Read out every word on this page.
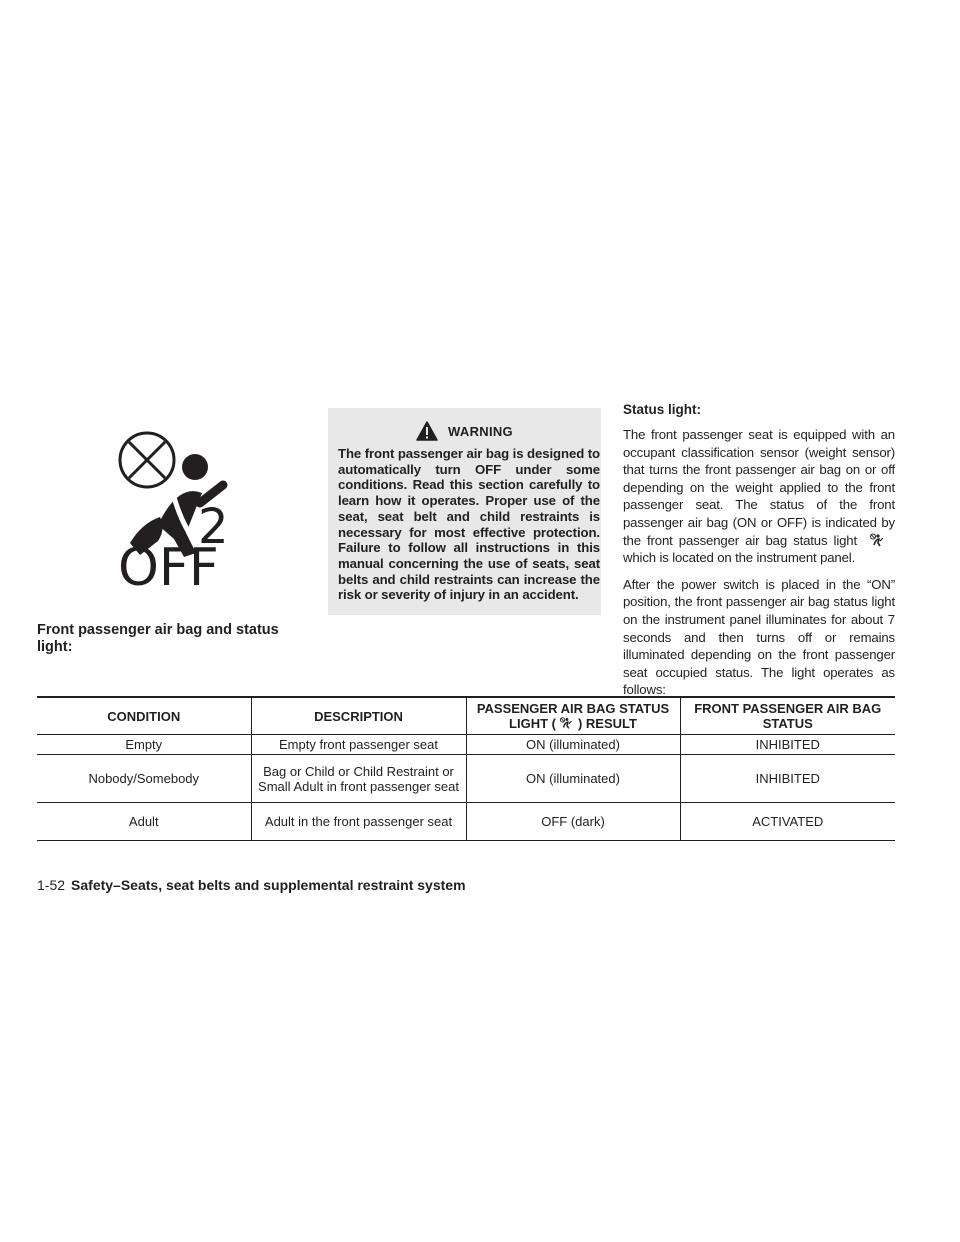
2
OFF
Front passenger air bag and status light:
WARNING
The front passenger air bag is designed to automatically turn OFF under some conditions. Read this section carefully to learn how it operates. Proper use of the seat, seat belt and child restraints is necessary for most effective protection. Failure to follow all instructions in this manual concerning the use of seats, seat belts and child restraints can increase the risk or severity of injury in an accident.
Status light:

The front passenger seat is equipped with an occupant classification sensor (weight sensor) that turns the front passenger air bag on or off depending on the weight applied to the front passenger seat. The status of the front passenger air bag (ON or OFF) is indicated by the front passenger air bag status lightwhich is located on the instrument panel.

After the power switch is placed in the “ON” position, the front passenger air bag status light on the instrument panel illuminates for about 7 seconds and then turns off or remains illuminated depending on the front passenger seat occupied status. The light operates as follows:

CONDITION	DESCRIPTION	PASSENGER AIR BAG STATUS LIGHT ( ) RESULT	FRONT PASSENGER AIR BAG STATUS
Empty	Empty front passenger seat	ON (illuminated)	INHIBITED
Nobody/Somebody	Bag or Child or Child Restraint or Small Adult in front passenger seat	ON (illuminated)	INHIBITED
Adult	Adult in the front passenger seat	OFF (dark)	ACTIVATED
1-52 Safety–Seats, seat belts and supplemental restraint system
